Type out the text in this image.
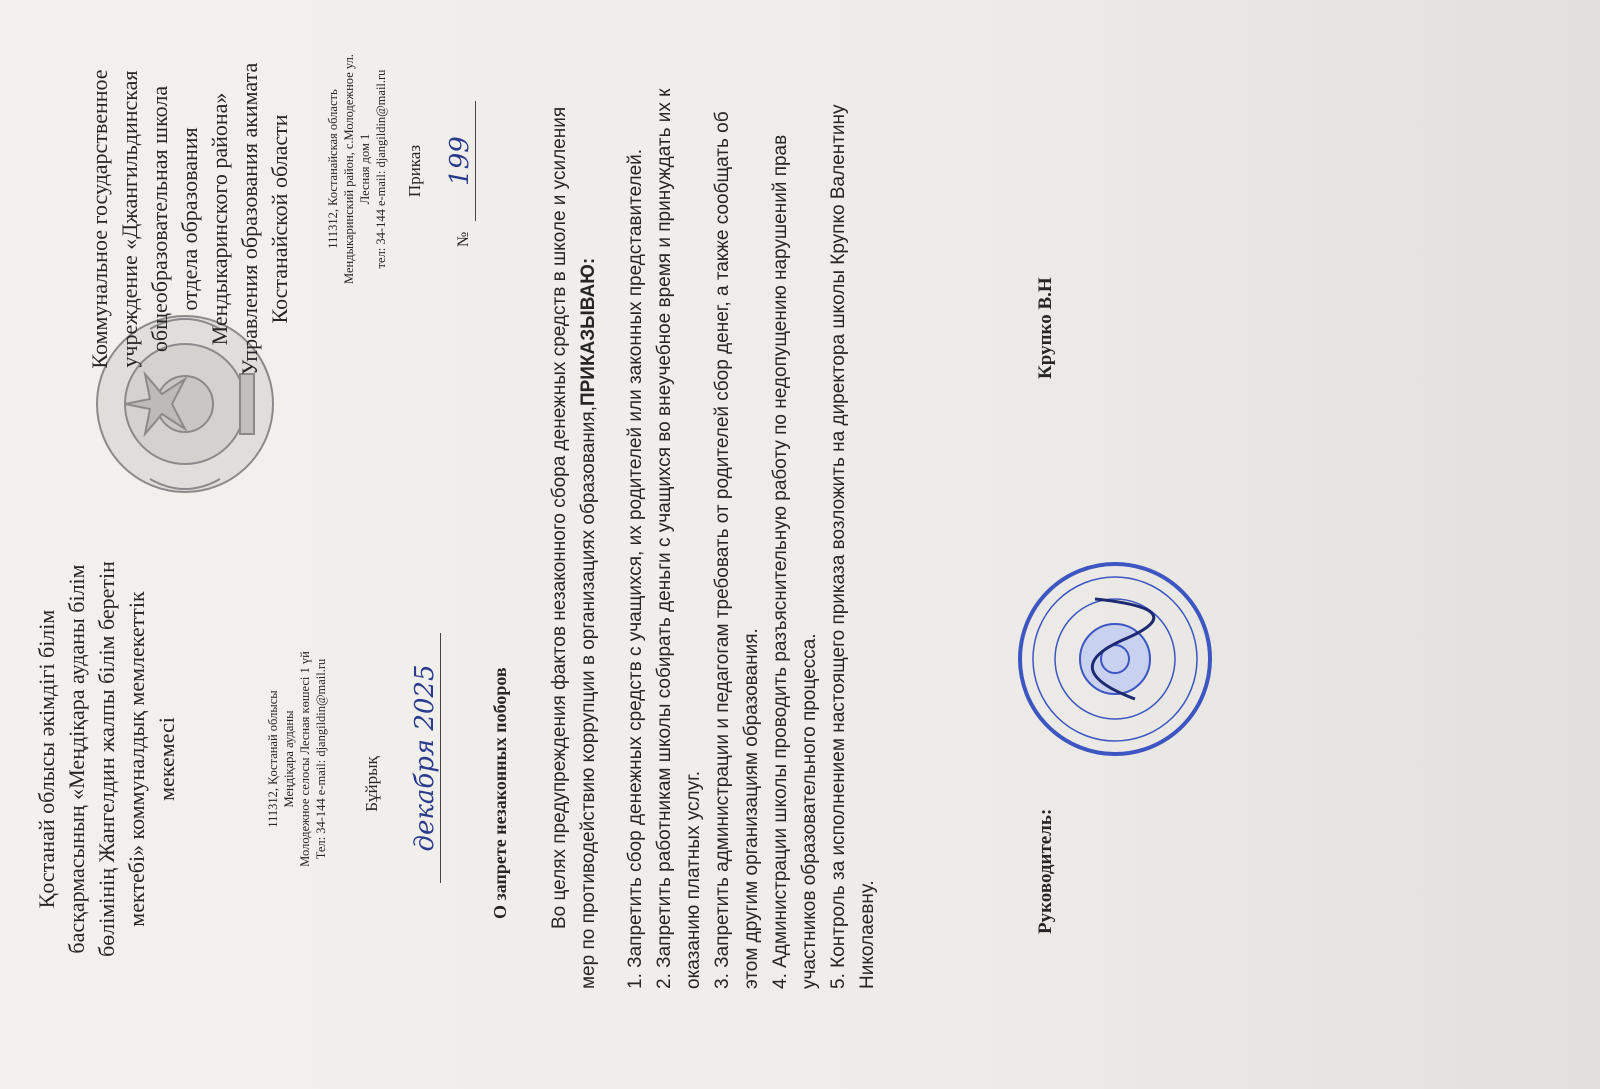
Қостанай облысы әкімдігі білім басқармасының «Меңдіқара ауданы білім бөлімінің Жангелдин жалпы білім беретін мектебі» коммуналдық мемлекеттік мекемесі
Коммунальное государственное учреждение «Джангильдинская общеобразовательная школа отдела образования Мендыкаринского района» Управления образования акимата Костанайской области
111312, Қостанай облысы Меңдіқара ауданы Молодежное селосы Лесная көшесі 1 үй Тел: 34-144 e-mail: djangildin@mail.ru
111312, Костанайская область Мендыкаринский район, с.Молодежное ул. Лесная дом 1 тел: 34-144 e-mail: djangildin@mail.ru
Бұйрық
Приказ
декабря 2025
№
199
О запрете незаконных поборов Во целях предупреждения фактов незаконного сбора денежных средств в школе и усиления мер по противодействию коррупции в организациях образования,ПРИКАЗЫВАЮ: 1. Запретить сбор денежных средств с учащихся, их родителей или законных представителей. 2. Запретить работникам школы собирать деньги с учащихся во внеучебное время и принуждать их к оказанию платных услуг. 3. Запретить администрации и педагогам требовать от родителей сбор денег, а также сообщать об этом другим организациям образования. 4. Администрации школы проводить разъяснительную работу по недопущению нарушений прав участников образовательного процесса. 5. Контроль за исполнением настоящего приказа возложить на директора школы Крупко Валентину Николаевну.

Руководитель:
Крупко В.Н
